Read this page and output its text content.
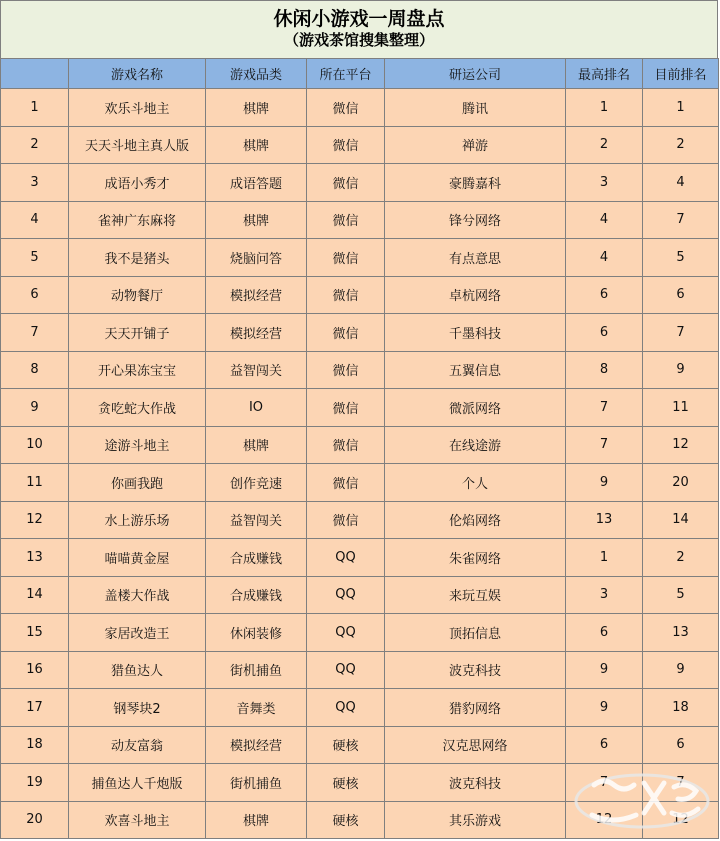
休闲小游戏一周盘点
（游戏茶馆搜集整理）
	游戏名称	游戏品类	所在平台	研运公司	最高排名	目前排名
1	欢乐斗地主	棋牌	微信	腾讯	1	1
2	天天斗地主真人版	棋牌	微信	禅游	2	2
3	成语小秀才	成语答题	微信	豪腾嘉科	3	4
4	雀神广东麻将	棋牌	微信	锋兮网络	4	7
5	我不是猪头	烧脑问答	微信	有点意思	4	5
6	动物餐厅	模拟经营	微信	卓杭网络	6	6
7	天天开铺子	模拟经营	微信	千墨科技	6	7
8	开心果冻宝宝	益智闯关	微信	五翼信息	8	9
9	贪吃蛇大作战	IO	微信	微派网络	7	11
10	途游斗地主	棋牌	微信	在线途游	7	12
11	你画我跑	创作竞速	微信	个人	9	20
12	水上游乐场	益智闯关	微信	伦焰网络	13	14
13	喵喵黄金屋	合成赚钱	QQ	朱雀网络	1	2
14	盖楼大作战	合成赚钱	QQ	来玩互娱	3	5
15	家居改造王	休闲装修	QQ	顶拓信息	6	13
16	猎鱼达人	街机捕鱼	QQ	波克科技	9	9
17	钢琴块2	音舞类	QQ	猎豹网络	9	18
18	动友富翁	模拟经营	硬核	汉克思网络	6	6
19	捕鱼达人千炮版	街机捕鱼	硬核	波克科技	7	7
20	欢喜斗地主	棋牌	硬核	其乐游戏	12	12
